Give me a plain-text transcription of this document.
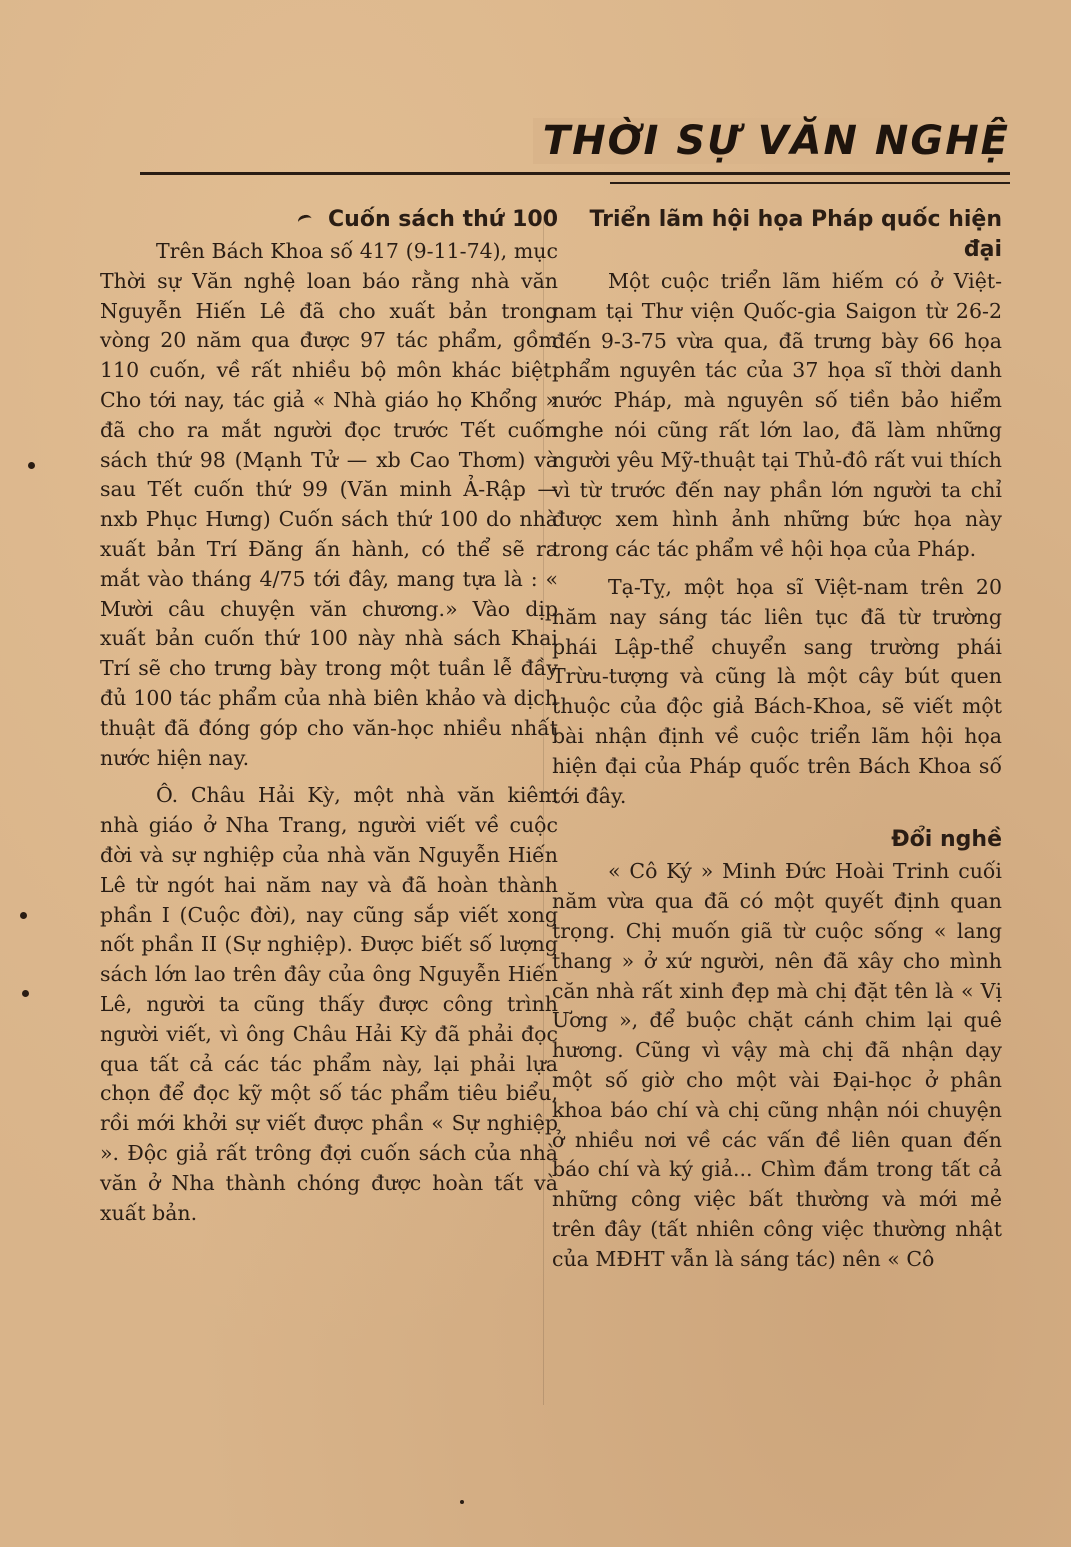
THỜI SỰ VĂN NGHỆ
Cuốn sách thứ 100

Trên Bách Khoa số 417 (9-11-74), mục Thời sự Văn nghệ loan báo rằng nhà văn Nguyễn Hiến Lê đã cho xuất bản trong vòng 20 năm qua được 97 tác phẩm, gồm 110 cuốn, về rất nhiều bộ môn khác biệt. Cho tới nay, tác giả « Nhà giáo họ Khổng » đã cho ra mắt người đọc trước Tết cuốn sách thứ 98 (Mạnh Tử — xb Cao Thơm) và sau Tết cuốn thứ 99 (Văn minh Ả-Rập — nxb Phục Hưng) Cuốn sách thứ 100 do nhà xuất bản Trí Đăng ấn hành, có thể sẽ ra mắt vào tháng 4/75 tới đây, mang tựa là : « Mười câu chuyện văn chương.» Vào dịp xuất bản cuốn thứ 100 này nhà sách Khai Trí sẽ cho trưng bày trong một tuần lễ đầy đủ 100 tác phẩm của nhà biên khảo và dịch thuật đã đóng góp cho văn-học nhiều nhất nước hiện nay.

Ô. Châu Hải Kỳ, một nhà văn kiêm nhà giáo ở Nha Trang, người viết về cuộc đời và sự nghiệp của nhà văn Nguyễn Hiến Lê từ ngót hai năm nay và đã hoàn thành phần I (Cuộc đời), nay cũng sắp viết xong nốt phần II (Sự nghiệp). Được biết số lượng sách lớn lao trên đây của ông Nguyễn Hiến Lê, người ta cũng thấy được công trình người viết, vì ông Châu Hải Kỳ đã phải đọc qua tất cả các tác phẩm này, lại phải lựa chọn để đọc kỹ một số tác phẩm tiêu biểu, rồi mới khởi sự viết được phần « Sự nghiệp ». Độc giả rất trông đợi cuốn sách của nhà văn ở Nha thành chóng được hoàn tất và xuất bản.

Triển lãm hội họa Pháp quốc hiện đại

Một cuộc triển lãm hiếm có ở Việt-nam tại Thư viện Quốc-gia Saigon từ 26-2 đến 9-3-75 vừa qua, đã trưng bày 66 họa phẩm nguyên tác của 37 họa sĩ thời danh nước Pháp, mà nguyên số tiền bảo hiểm nghe nói cũng rất lớn lao, đã làm những người yêu Mỹ-thuật tại Thủ-đô rất vui thích vì từ trước đến nay phần lớn người ta chỉ được xem hình ảnh những bức họa này trong các tác phẩm về hội họa của Pháp.

Tạ-Tỵ, một họa sĩ Việt-nam trên 20 năm nay sáng tác liên tục đã từ trường phái Lập-thể chuyển sang trường phái Trừu-tượng và cũng là một cây bút quen thuộc của độc giả Bách-Khoa, sẽ viết một bài nhận định về cuộc triển lãm hội họa hiện đại của Pháp quốc trên Bách Khoa số tới đây.

Đổi nghề

« Cô Ký » Minh Đức Hoài Trinh cuối năm vừa qua đã có một quyết định quan trọng. Chị muốn giã từ cuộc sống « lang thang » ở xứ người, nên đã xây cho mình căn nhà rất xinh đẹp mà chị đặt tên là « Vị Ương », để buộc chặt cánh chim lại quê hương. Cũng vì vậy mà chị đã nhận dạy một số giờ cho một vài Đại-học ở phân khoa báo chí và chị cũng nhận nói chuyện ở nhiều nơi về các vấn đề liên quan đến báo chí và ký giả... Chìm đắm trong tất cả những công việc bất thường và mới mẻ trên đây (tất nhiên công việc thường nhật của MĐHT vẫn là sáng tác) nên « Cô
